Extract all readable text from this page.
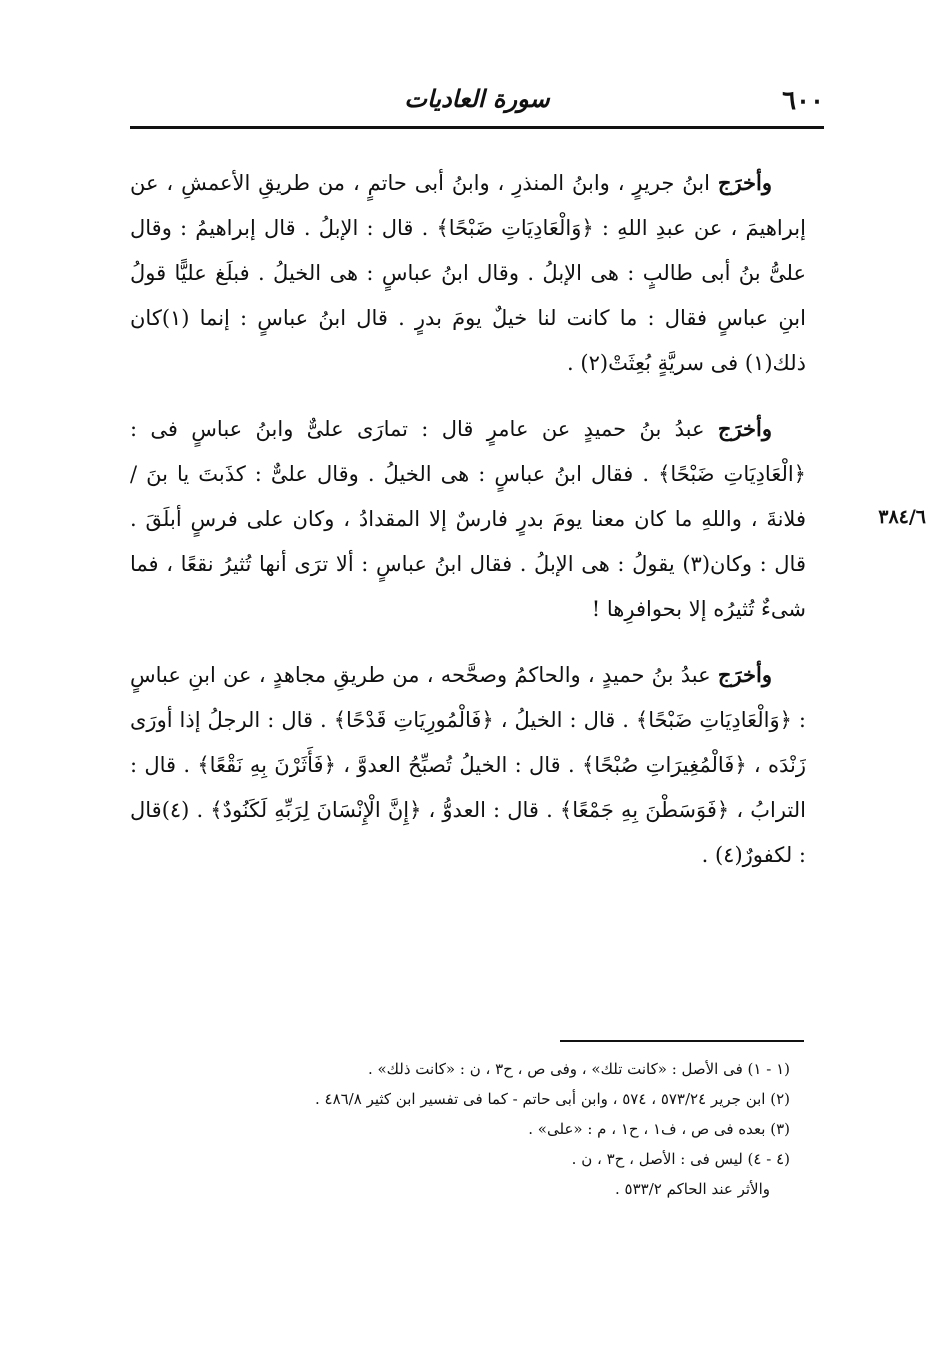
٦٠٠
سورة العاديات

وأخرَج ابنُ جريرٍ ، وابنُ المنذرِ ، وابنُ أبى حاتمٍ ، من طريقِ الأعمشِ ، عن إبراهيمَ ، عن عبدِ اللهِ : ﴿وَالْعَادِيَاتِ ضَبْحًا﴾ . قال : الإبلُ . قال إبراهيمُ : وقال علىُّ بنُ أبى طالبٍ : هى الإبلُ . وقال ابنُ عباسٍ : هى الخيلُ . فبلَغ عليًّا قولُ ابنِ عباسٍ فقال : ما كانت لنا خيلٌ يومَ بدرٍ . قال ابنُ عباسٍ : إنما (١)كان ذلك(١) فى سريَّةٍ بُعِثَتْ(٢) .

وأخرَج عبدُ بنُ حميدٍ عن عامرٍ قال : تمارَى علىٌّ وابنُ عباسٍ فى : ﴿الْعَادِيَاتِ ضَبْحًا﴾ . فقال ابنُ عباسٍ : هى الخيلُ . وقال علىٌّ : كذَبتَ يا بنَ /فلانةَ ، واللهِ ما كان معنا يومَ بدرٍ فارسٌ إلا المقدادُ ، وكان على فرسٍ أبلَقَ . قال : وكان(٣) يقولُ : هى الإبلُ . فقال ابنُ عباسٍ : ألا ترَى أنها تُثيرُ نقعًا ، فما شىءٌ تُثيرُه إلا بحوافرِها !

وأخرَج عبدُ بنُ حميدٍ ، والحاكمُ وصحَّحه ، من طريقِ مجاهدٍ ، عن ابنِ عباسٍ : ﴿وَالْعَادِيَاتِ ضَبْحًا﴾ . قال : الخيلُ ، ﴿فَالْمُورِيَاتِ قَدْحًا﴾ . قال : الرجلُ إذا أورَى زَنْدَه ، ﴿فَالْمُغِيرَاتِ صُبْحًا﴾ . قال : الخيلُ تُصبِّحُ العدوَّ ، ﴿فَأَثَرْنَ بِهِ نَقْعًا﴾ . قال : الترابُ ، ﴿فَوَسَطْنَ بِهِ جَمْعًا﴾ . قال : العدوُّ ، ﴿إِنَّ الْإِنْسَانَ لِرَبِّهِ لَكَنُودٌ﴾ . (٤)قال : لكفورٌ(٤) .

٣٨٤/٦

(١ - ١) فى الأصل : «كانت تلك» ، وفى ص ، ح٣ ، ن : «كانت ذلك» .

(٢) ابن جرير ٥٧٣/٢٤ ، ٥٧٤ ، وابن أبى حاتم - كما فى تفسير ابن كثير ٤٨٦/٨ .

(٣) بعده فى ص ، ف١ ، ح١ ، م : «على» .

(٤ - ٤) ليس فى : الأصل ، ح٣ ، ن .

والأثر عند الحاكم ٥٣٣/٢ .
